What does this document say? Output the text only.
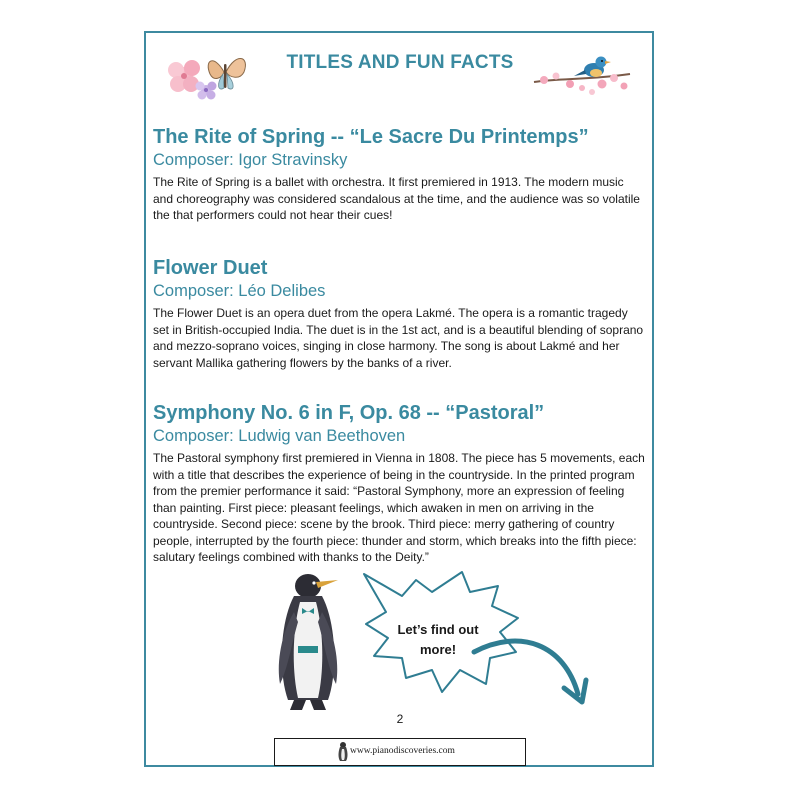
TITLES AND FUN FACTS
The Rite of Spring -- “Le Sacre Du Printemps”
Composer: Igor Stravinsky
The Rite of Spring is a ballet with orchestra. It first premiered in 1913. The modern music and choreography was considered scandalous at the time, and the audience was so volatile the that performers could not hear their cues!
Flower Duet
Composer: Léo Delibes
The Flower Duet is an opera duet from the opera Lakmé. The opera is a romantic tragedy set in British-occupied India. The duet is in the 1st act, and is a beautiful blending of soprano and mezzo-soprano voices, singing in close harmony. The song is about Lakmé and her servant Mallika gathering flowers by the banks of a river.
Symphony No. 6 in F, Op. 68 -- “Pastoral”
Composer: Ludwig van Beethoven
The Pastoral symphony first premiered in Vienna in 1808. The piece has 5 movements, each with a title that describes the experience of being in the countryside. In the printed program from the premier performance it said: “Pastoral Symphony, more an expression of feeling than painting. First piece: pleasant feelings, which awaken in men on arriving in the countryside. Second piece: scene by the brook. Third piece: merry gathering of country people, interrupted by the fourth piece: thunder and storm, which breaks into the fifth piece: salutary feelings combined with thanks to the Deity.”
Let’s find out
more!
2
www.pianodiscoveries.com
